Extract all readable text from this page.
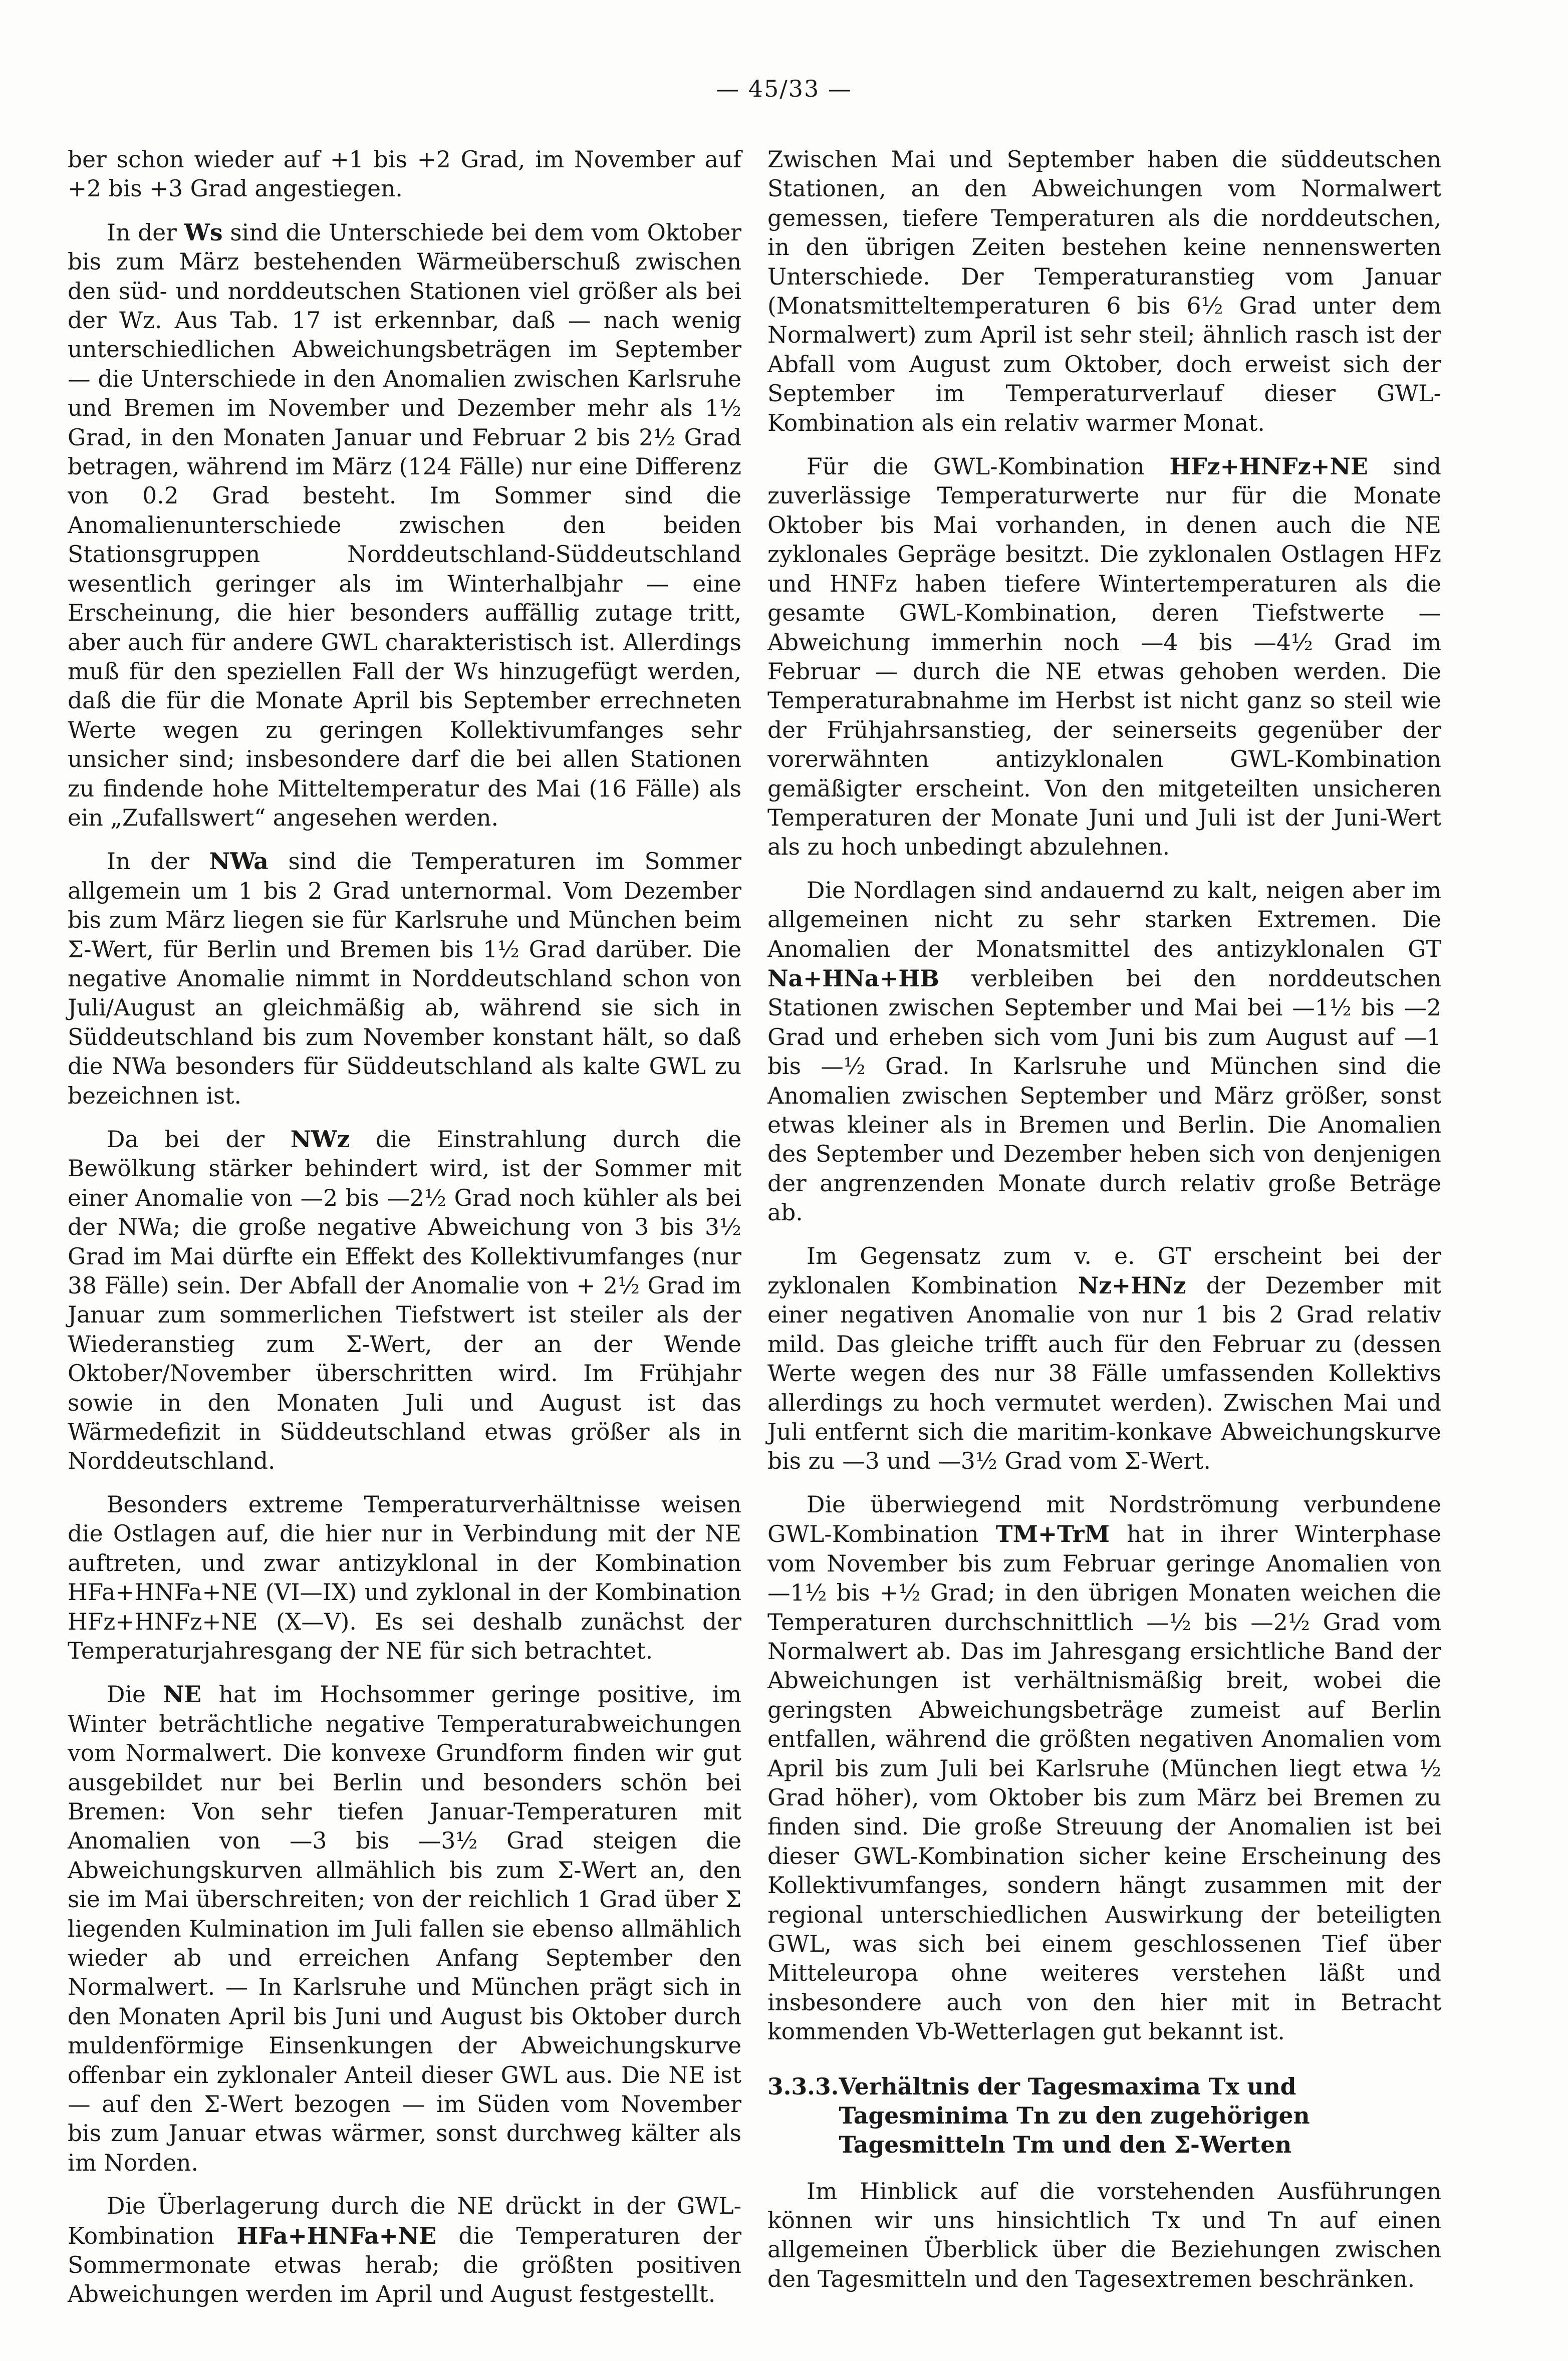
— 45/33 —

ber schon wieder auf +1 bis +2 Grad, im November auf +2 bis +3 Grad angestiegen.

In der Ws sind die Unterschiede bei dem vom Oktober bis zum März bestehenden Wärmeüberschuß zwischen den süd- und norddeutschen Stationen viel größer als bei der Wz. Aus Tab. 17 ist erkennbar, daß — nach wenig unterschiedlichen Abweichungsbeträgen im September — die Unterschiede in den Anomalien zwischen Karlsruhe und Bremen im November und Dezember mehr als 1½ Grad, in den Monaten Januar und Februar 2 bis 2½ Grad betragen, während im März (124 Fälle) nur eine Differenz von 0.2 Grad besteht. Im Sommer sind die Anomalienunterschiede zwischen den beiden Stationsgruppen Norddeutschland-Süddeutschland wesentlich geringer als im Winterhalbjahr — eine Erscheinung, die hier besonders auffällig zutage tritt, aber auch für andere GWL charakteristisch ist. Allerdings muß für den speziellen Fall der Ws hinzugefügt werden, daß die für die Monate April bis September errechneten Werte wegen zu geringen Kollektivumfanges sehr unsicher sind; insbesondere darf die bei allen Stationen zu findende hohe Mitteltemperatur des Mai (16 Fälle) als ein „Zufallswert“ angesehen werden.

In der NWa sind die Temperaturen im Sommer allgemein um 1 bis 2 Grad unternormal. Vom Dezember bis zum März liegen sie für Karlsruhe und München beim Σ-Wert, für Berlin und Bremen bis 1½ Grad darüber. Die negative Anomalie nimmt in Norddeutschland schon von Juli/August an gleichmäßig ab, während sie sich in Süddeutschland bis zum November konstant hält, so daß die NWa besonders für Süddeutschland als kalte GWL zu bezeichnen ist.

Da bei der NWz die Einstrahlung durch die Bewölkung stärker behindert wird, ist der Sommer mit einer Anomalie von —2 bis —2½ Grad noch kühler als bei der NWa; die große negative Abweichung von 3 bis 3½ Grad im Mai dürfte ein Effekt des Kollektivumfanges (nur 38 Fälle) sein. Der Abfall der Anomalie von + 2½ Grad im Januar zum sommerlichen Tiefstwert ist steiler als der Wiederanstieg zum Σ-Wert, der an der Wende Oktober/November überschritten wird. Im Frühjahr sowie in den Monaten Juli und August ist das Wärmedefizit in Süddeutschland etwas größer als in Norddeutschland.

Besonders extreme Temperaturverhältnisse weisen die Ostlagen auf, die hier nur in Verbindung mit der NE auftreten, und zwar antizyklonal in der Kombination HFa+HNFa+NE (VI—IX) und zyklonal in der Kombination HFz+HNFz+NE (X—V). Es sei deshalb zunächst der Temperaturjahresgang der NE für sich betrachtet.

Die NE hat im Hochsommer geringe positive, im Winter beträchtliche negative Temperaturabweichungen vom Normalwert. Die konvexe Grundform finden wir gut ausgebildet nur bei Berlin und besonders schön bei Bremen: Von sehr tiefen Januar-Temperaturen mit Anomalien von —3 bis —3½ Grad steigen die Abweichungskurven allmählich bis zum Σ-Wert an, den sie im Mai überschreiten; von der reichlich 1 Grad über Σ liegenden Kulmination im Juli fallen sie ebenso allmählich wieder ab und erreichen Anfang September den Normalwert. — In Karlsruhe und München prägt sich in den Monaten April bis Juni und August bis Oktober durch muldenförmige Einsenkungen der Abweichungskurve offenbar ein zyklonaler Anteil dieser GWL aus. Die NE ist — auf den Σ-Wert bezogen — im Süden vom November bis zum Januar etwas wärmer, sonst durchweg kälter als im Norden.

Die Überlagerung durch die NE drückt in der GWL-Kombination HFa+HNFa+NE die Temperaturen der Sommermonate etwas herab; die größten positiven Abweichungen werden im April und August festgestellt.

Zwischen Mai und September haben die süddeutschen Stationen, an den Abweichungen vom Normalwert gemessen, tiefere Temperaturen als die norddeutschen, in den übrigen Zeiten bestehen keine nennenswerten Unterschiede. Der Temperaturanstieg vom Januar (Monatsmitteltemperaturen 6 bis 6½ Grad unter dem Normalwert) zum April ist sehr steil; ähnlich rasch ist der Abfall vom August zum Oktober, doch erweist sich der September im Temperaturverlauf dieser GWL-Kombination als ein relativ warmer Monat.

Für die GWL-Kombination HFz+HNFz+NE sind zuverlässige Temperaturwerte nur für die Monate Oktober bis Mai vorhanden, in denen auch die NE zyklonales Gepräge besitzt. Die zyklonalen Ostlagen HFz und HNFz haben tiefere Wintertemperaturen als die gesamte GWL-Kombination, deren Tiefstwerte — Abweichung immerhin noch —4 bis —4½ Grad im Februar — durch die NE etwas gehoben werden. Die Temperaturabnahme im Herbst ist nicht ganz so steil wie der Frühjahrsanstieg, der seinerseits gegenüber der vorerwähnten antizyklonalen GWL-Kombination gemäßigter erscheint. Von den mitgeteilten unsicheren Temperaturen der Monate Juni und Juli ist der Juni-Wert als zu hoch unbedingt abzulehnen.

Die Nordlagen sind andauernd zu kalt, neigen aber im allgemeinen nicht zu sehr starken Extremen. Die Anomalien der Monatsmittel des antizyklonalen GT Na+HNa+HB verbleiben bei den norddeutschen Stationen zwischen September und Mai bei —1½ bis —2 Grad und erheben sich vom Juni bis zum August auf —1 bis —½ Grad. In Karlsruhe und München sind die Anomalien zwischen September und März größer, sonst etwas kleiner als in Bremen und Berlin. Die Anomalien des September und Dezember heben sich von denjenigen der angrenzenden Monate durch relativ große Beträge ab.

Im Gegensatz zum v. e. GT erscheint bei der zyklonalen Kombination Nz+HNz der Dezember mit einer negativen Anomalie von nur 1 bis 2 Grad relativ mild. Das gleiche trifft auch für den Februar zu (dessen Werte wegen des nur 38 Fälle umfassenden Kollektivs allerdings zu hoch vermutet werden). Zwischen Mai und Juli entfernt sich die maritim-konkave Abweichungskurve bis zu —3 und —3½ Grad vom Σ-Wert.

Die überwiegend mit Nordströmung verbundene GWL-Kombination TM+TrM hat in ihrer Winterphase vom November bis zum Februar geringe Anomalien von —1½ bis +½ Grad; in den übrigen Monaten weichen die Temperaturen durchschnittlich —½ bis —2½ Grad vom Normalwert ab. Das im Jahresgang ersichtliche Band der Abweichungen ist verhältnismäßig breit, wobei die geringsten Abweichungsbeträge zumeist auf Berlin entfallen, während die größten negativen Anomalien vom April bis zum Juli bei Karlsruhe (München liegt etwa ½ Grad höher), vom Oktober bis zum März bei Bremen zu finden sind. Die große Streuung der Anomalien ist bei dieser GWL-Kombination sicher keine Erscheinung des Kollektivumfanges, sondern hängt zusammen mit der regional unterschiedlichen Auswirkung der beteiligten GWL, was sich bei einem geschlossenen Tief über Mitteleuropa ohne weiteres verstehen läßt und insbesondere auch von den hier mit in Betracht kommenden Vb-Wetterlagen gut bekannt ist.

3.3.3. Verhältnis der Tagesmaxima Tx und Tagesminima Tn zu den zugehörigen Tagesmitteln Tm und den Σ-Werten

Im Hinblick auf die vorstehenden Ausführungen können wir uns hinsichtlich Tx und Tn auf einen allgemeinen Überblick über die Beziehungen zwischen den Tagesmitteln und den Tagesextremen beschränken.
